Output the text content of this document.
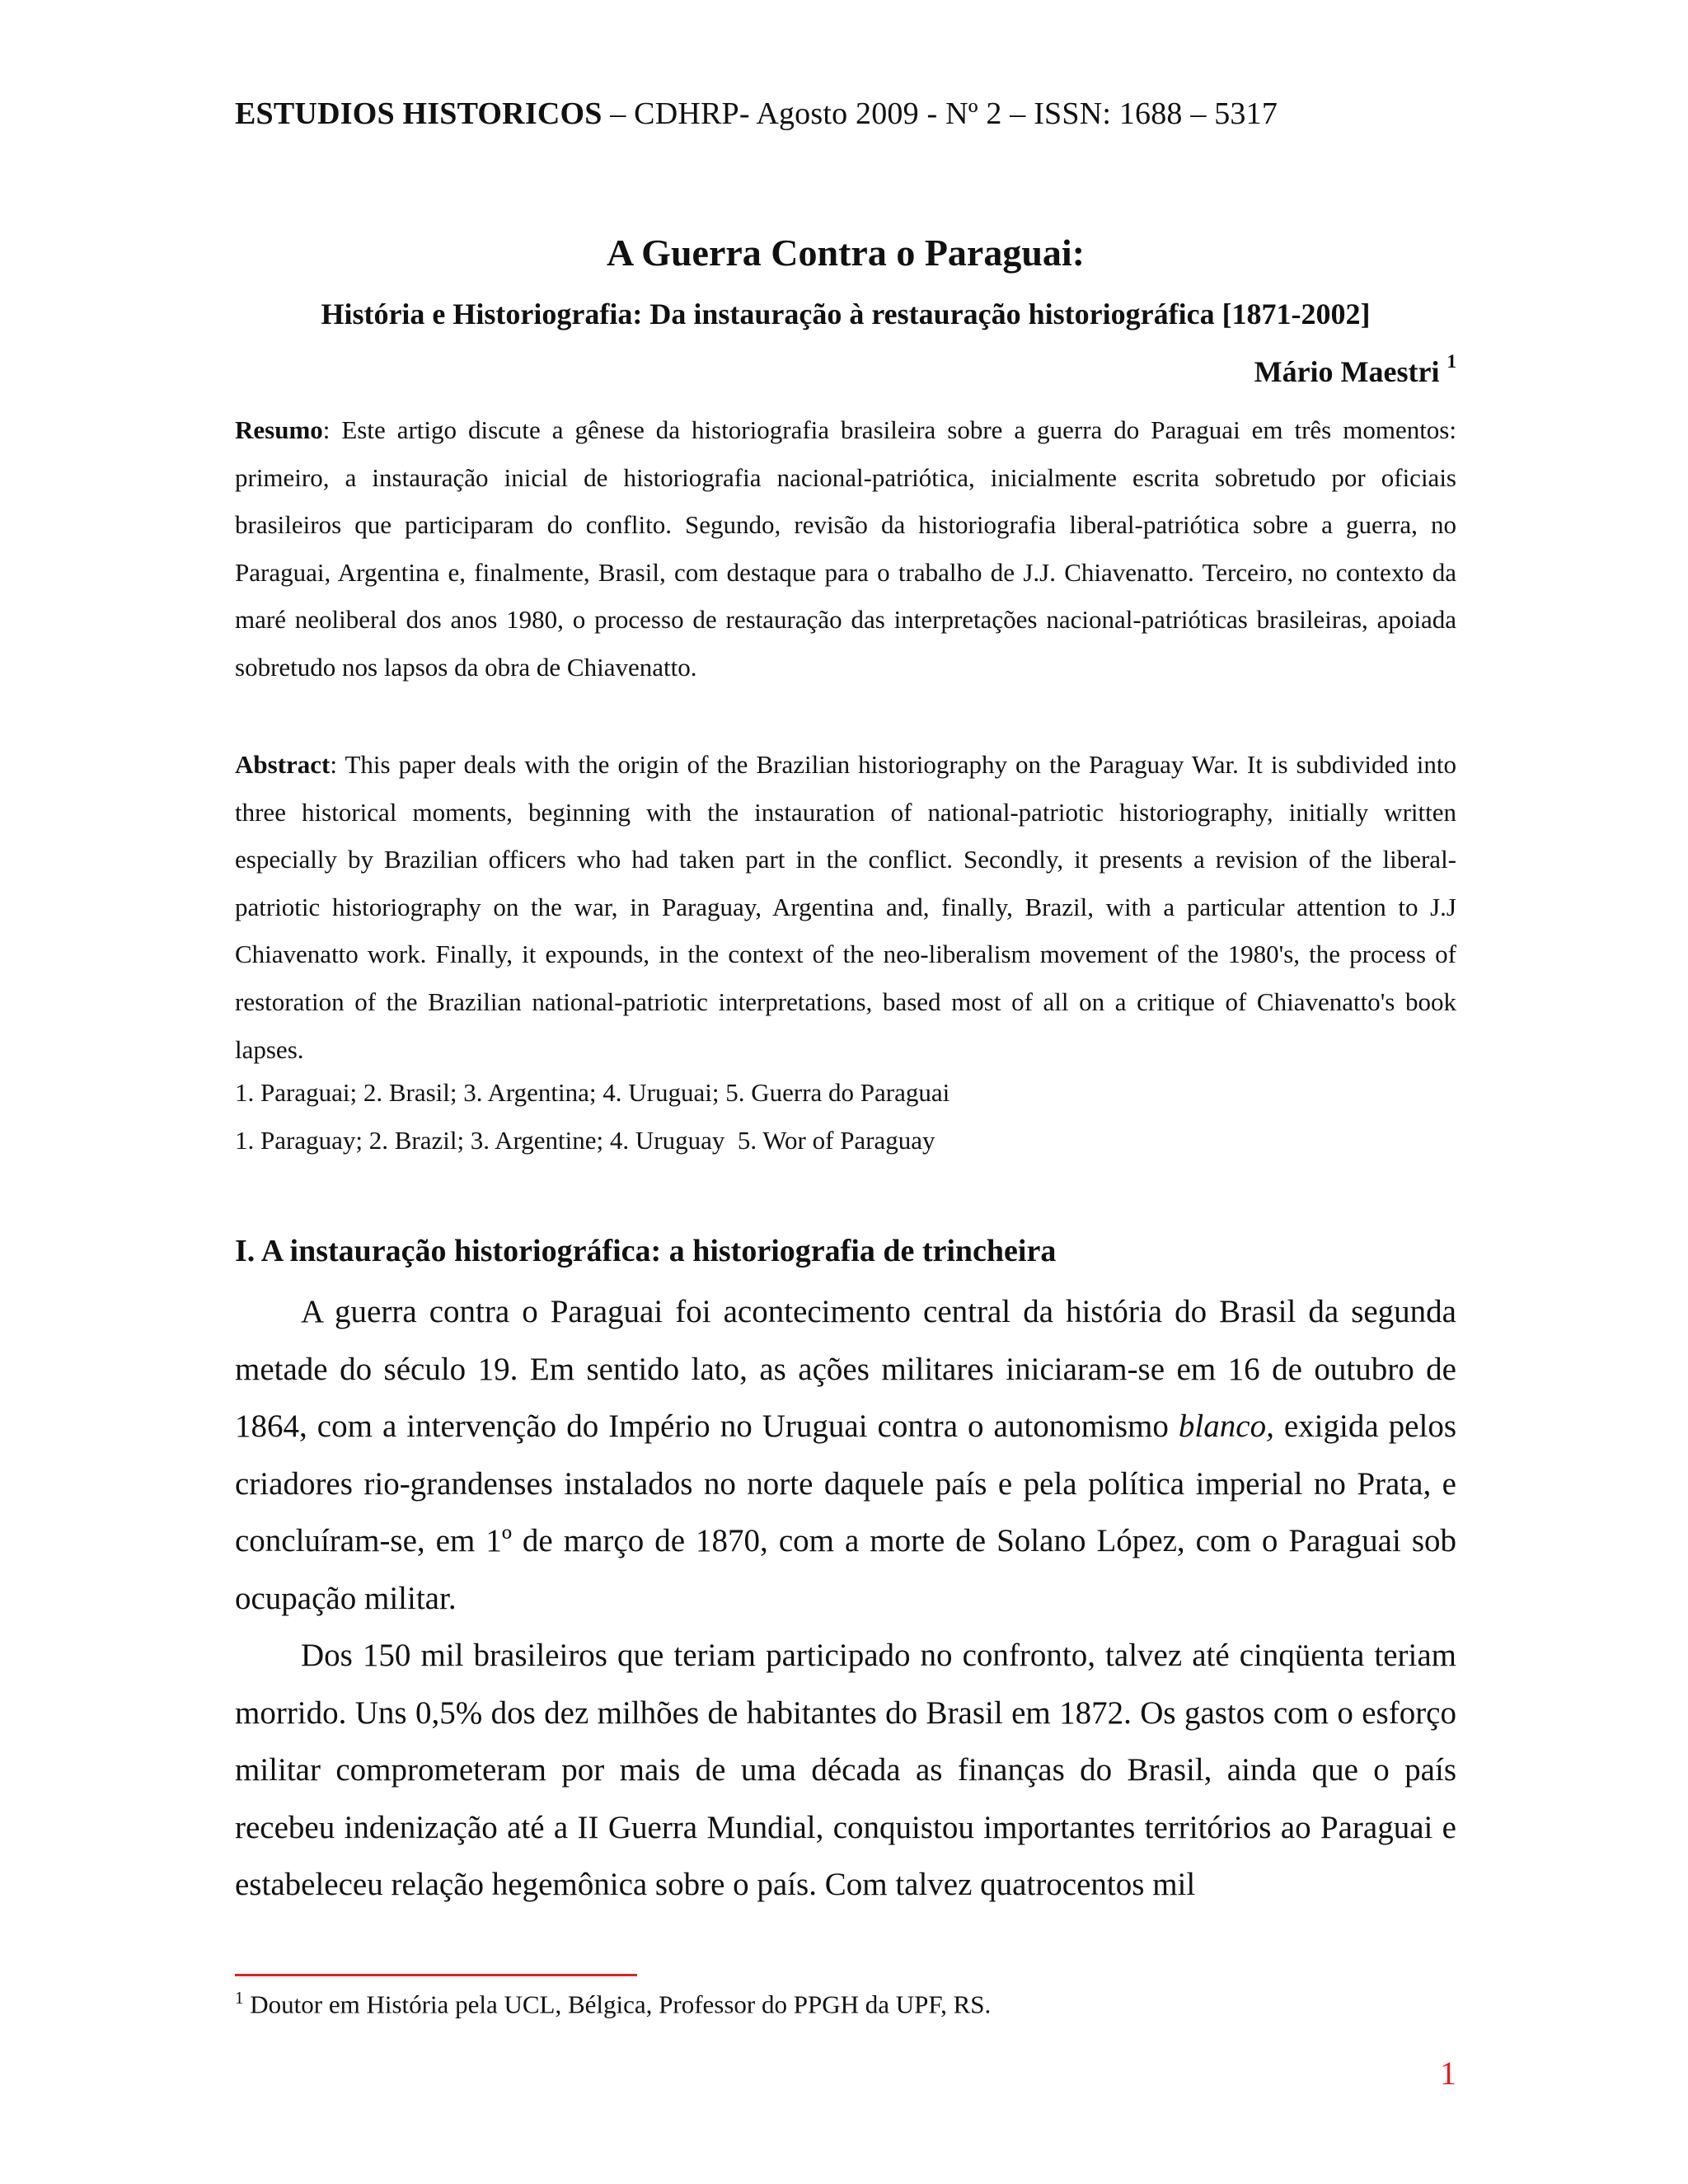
ESTUDIOS HISTORICOS – CDHRP- Agosto 2009 - Nº 2 – ISSN: 1688 – 5317
A Guerra Contra o Paraguai:
História e Historiografia: Da instauração à restauração historiográfica [1871-2002]
Mário Maestri $^1$

Resumo: Este artigo discute a gênese da historiografia brasileira sobre a guerra do Paraguai em três momentos: primeiro, a instauração inicial de historiografia nacional-patriótica, inicialmente escrita sobretudo por oficiais brasileiros que participaram do conflito. Segundo, revisão da historiografia liberal-patriótica sobre a guerra, no Paraguai, Argentina e, finalmente, Brasil, com destaque para o trabalho de J.J. Chiavenatto. Terceiro, no contexto da maré neoliberal dos anos 1980, o processo de restauração das interpretações nacional-patrióticas brasileiras, apoiada sobretudo nos lapsos da obra de Chiavenatto.

Abstract: This paper deals with the origin of the Brazilian historiography on the Paraguay War. It is subdivided into three historical moments, beginning with the instauration of national-patriotic historiography, initially written especially by Brazilian officers who had taken part in the conflict. Secondly, it presents a revision of the liberal-patriotic historiography on the war, in Paraguay, Argentina and, finally, Brazil, with a particular attention to J.J Chiavenatto work. Finally, it expounds, in the context of the neo-liberalism movement of the 1980's, the process of restoration of the Brazilian national-patriotic interpretations, based most of all on a critique of Chiavenatto's book lapses.

1. Paraguai; 2. Brasil; 3. Argentina; 4. Uruguai; 5. Guerra do Paraguai
1. Paraguay; 2. Brazil; 3. Argentine; 4. Uruguay  5. Wor of Paraguay
I. A instauração historiográfica: a historiografia de trincheira

A guerra contra o Paraguai foi acontecimento central da história do Brasil da segunda metade do século 19. Em sentido lato, as ações militares iniciaram-se em 16 de outubro de 1864, com a intervenção do Império no Uruguai contra o autonomismo blanco, exigida pelos criadores rio-grandenses instalados no norte daquele país e pela política imperial no Prata, e concluíram-se, em 1º de março de 1870, com a morte de Solano López, com o Paraguai sob ocupação militar.

Dos 150 mil brasileiros que teriam participado no confronto, talvez até cinqüenta teriam morrido. Uns 0,5% dos dez milhões de habitantes do Brasil em 1872. Os gastos com o esforço militar comprometeram por mais de uma década as finanças do Brasil, ainda que o país recebeu indenização até a II Guerra Mundial, conquistou importantes territórios ao Paraguai e estabeleceu relação hegemônica sobre o país. Com talvez quatrocentos mil

$^1$ Doutor em História pela UCL, Bélgica, Professor do PPGH da UPF, RS.
1
